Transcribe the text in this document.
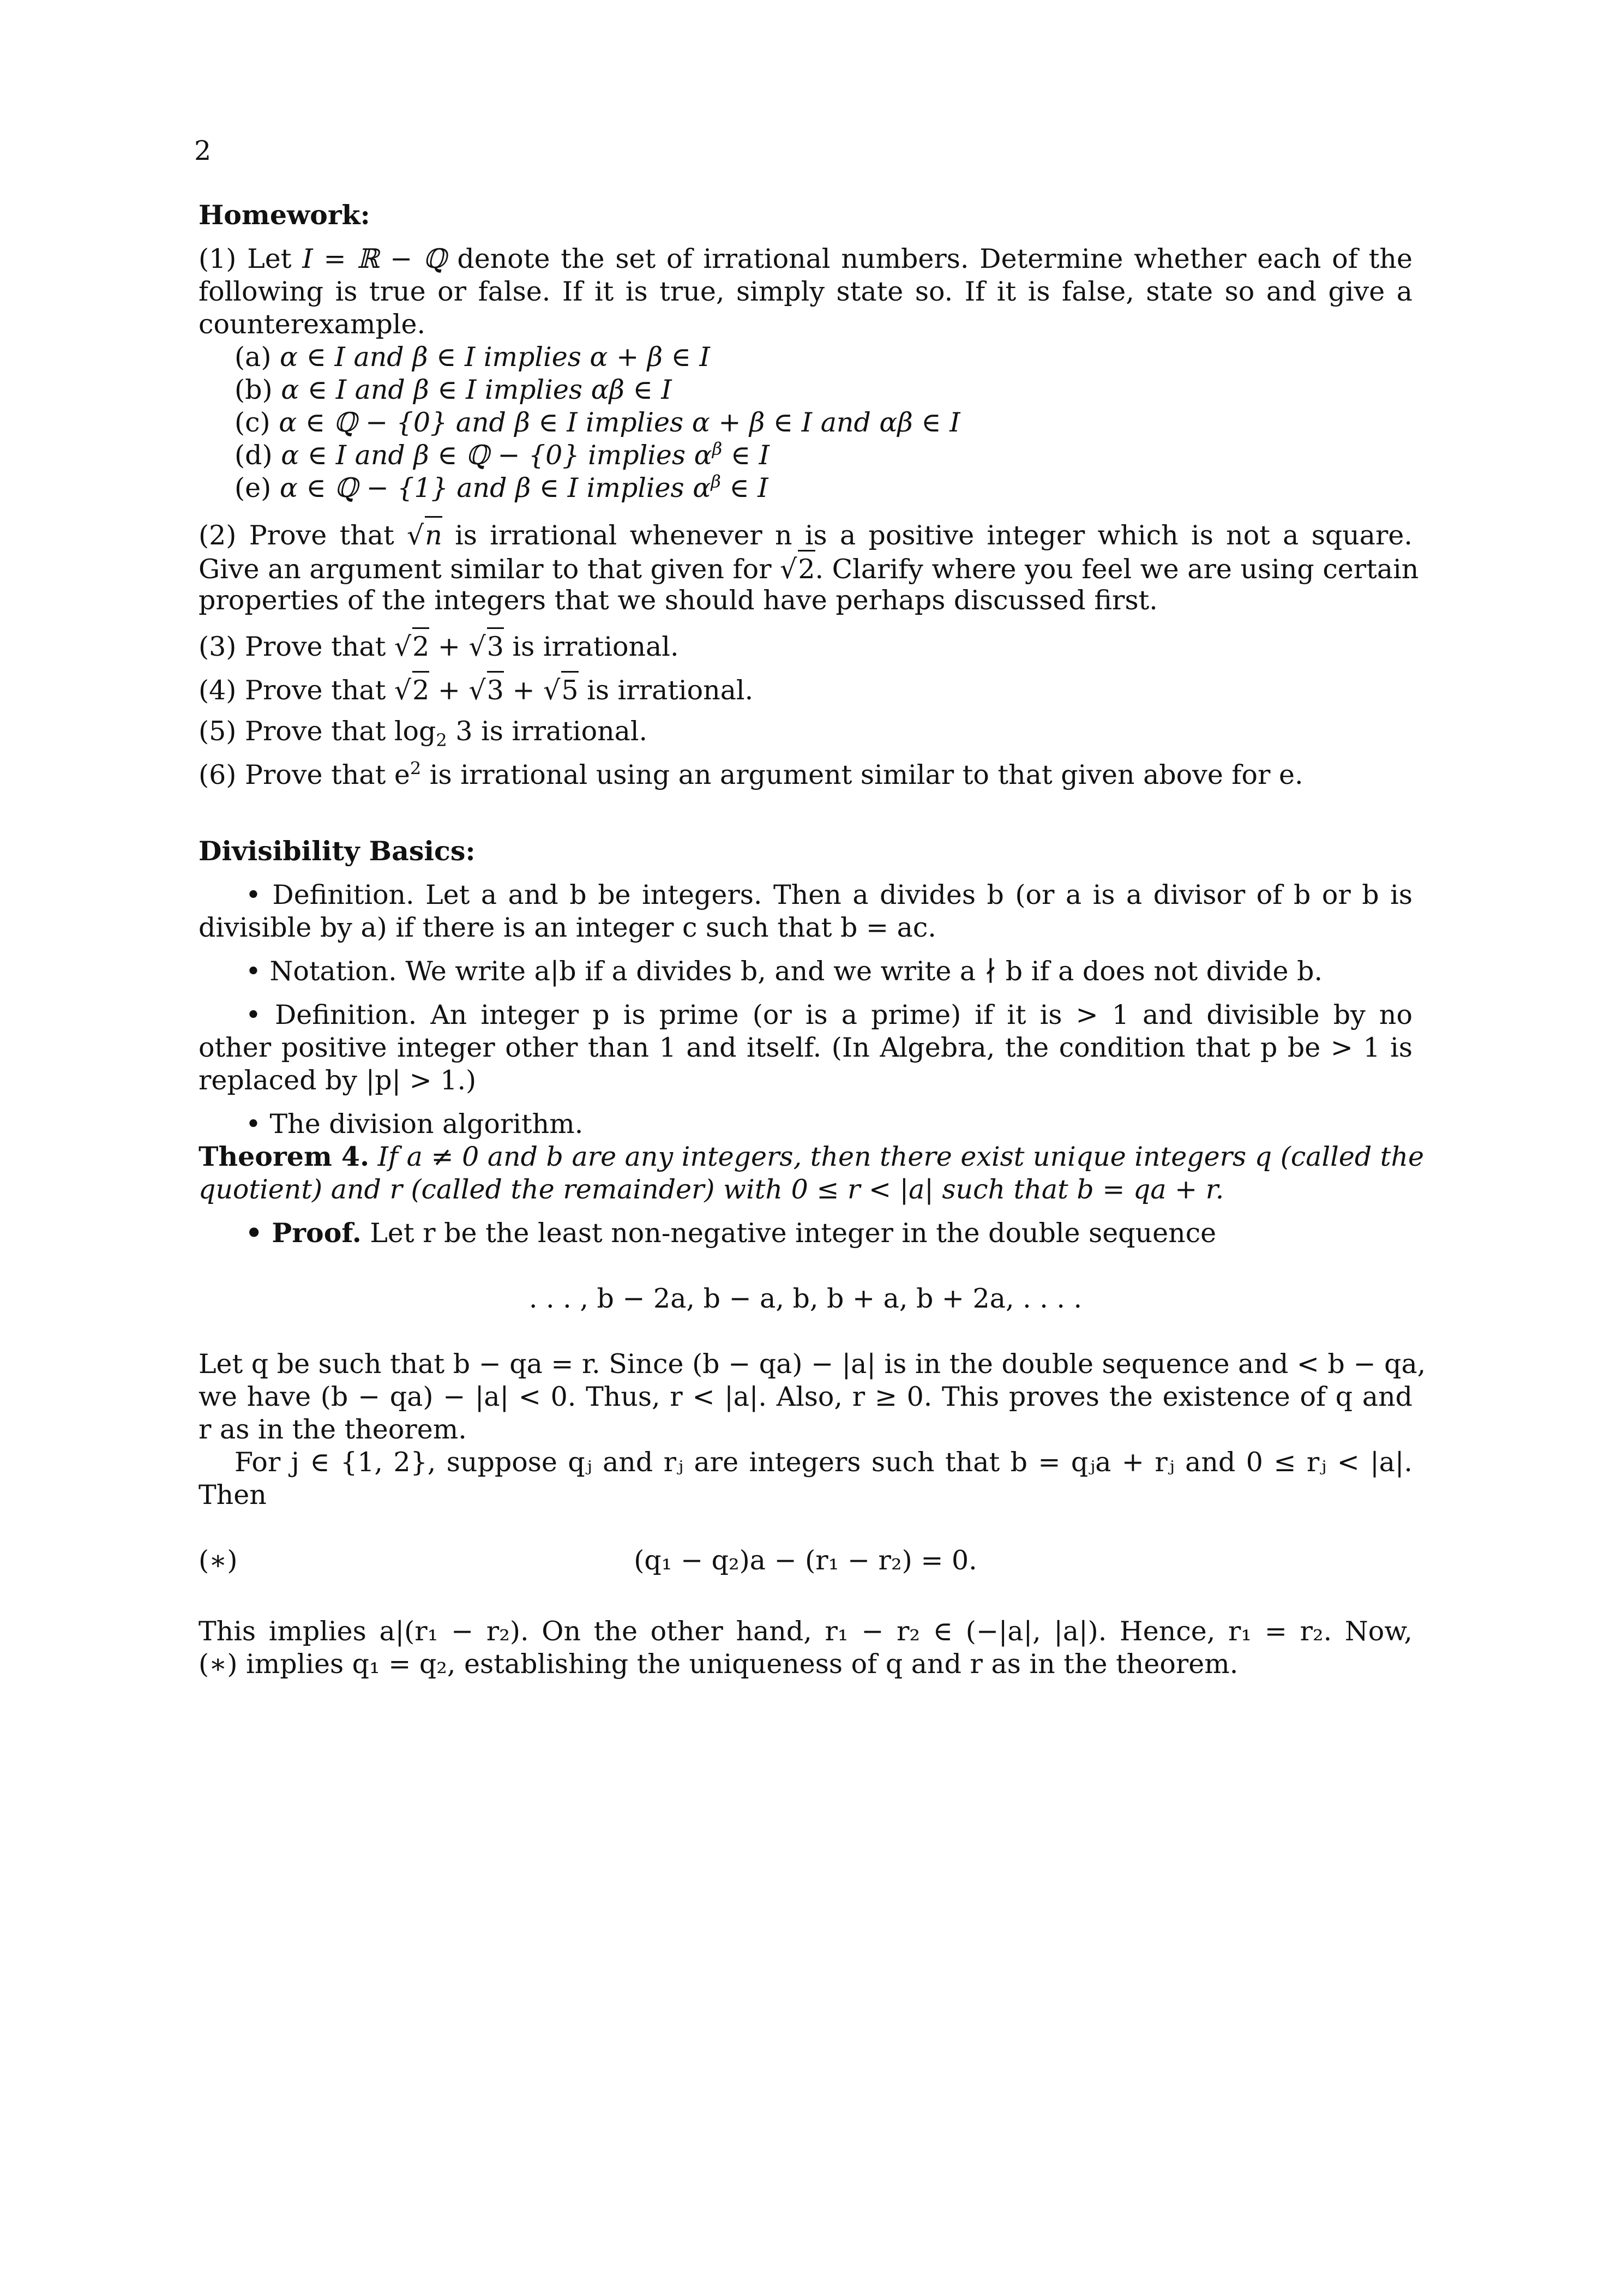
2
Homework:
(1) Let I = ℝ − ℚ denote the set of irrational numbers. Determine whether each of the
following is true or false. If it is true, simply state so. If it is false, state so and give a
counterexample.
(a) α ∈ I and β ∈ I implies α + β ∈ I
(b) α ∈ I and β ∈ I implies αβ ∈ I
(c) α ∈ ℚ − {0} and β ∈ I implies α + β ∈ I and αβ ∈ I
(d) α ∈ I and β ∈ ℚ − {0} implies $\alpha^\beta$ ∈ I
(e) α ∈ ℚ − {1} and β ∈ I implies $\alpha^\beta$ ∈ I
(2) Prove that √n is irrational whenever n is a positive integer which is not a square.
Give an argument similar to that given for √2. Clarify where you feel we are using certain
properties of the integers that we should have perhaps discussed first.
(3) Prove that √2 + √3 is irrational.
(4) Prove that √2 + √3 + √5 is irrational.
(5) Prove that $\log_2 3$ is irrational.
(6) Prove that $e^2$ is irrational using an argument similar to that given above for e.
Divisibility Basics:
• Definition. Let a and b be integers. Then a divides b (or a is a divisor of b or b is
divisible by a) if there is an integer c such that b = ac.
• Notation. We write a|b if a divides b, and we write a ∤ b if a does not divide b.
• Definition. An integer p is prime (or is a prime) if it is > 1 and divisible by no
other positive integer other than 1 and itself. (In Algebra, the condition that p be > 1 is
replaced by |p| > 1.)
• The division algorithm.
Theorem 4. If a ≠ 0 and b are any integers, then there exist unique integers q (called the
quotient) and r (called the remainder) with 0 ≤ r < |a| such that b = qa + r.
• Proof. Let r be the least non-negative integer in the double sequence
. . . , b − 2a, b − a, b, b + a, b + 2a, . . . .
Let q be such that b − qa = r. Since (b − qa) − |a| is in the double sequence and < b − qa,
we have (b − qa) − |a| < 0. Thus, r < |a|. Also, r ≥ 0. This proves the existence of q and
r as in the theorem.
For j ∈ {1, 2}, suppose qⱼ and rⱼ are integers such that b = qⱼa + rⱼ and 0 ≤ rⱼ < |a|.
Then
(∗)	(q₁ − q₂)a − (r₁ − r₂) = 0.
This implies a|(r₁ − r₂). On the other hand, r₁ − r₂ ∈ (−|a|, |a|). Hence, r₁ = r₂. Now,
(∗) implies q₁ = q₂, establishing the uniqueness of q and r as in the theorem.
